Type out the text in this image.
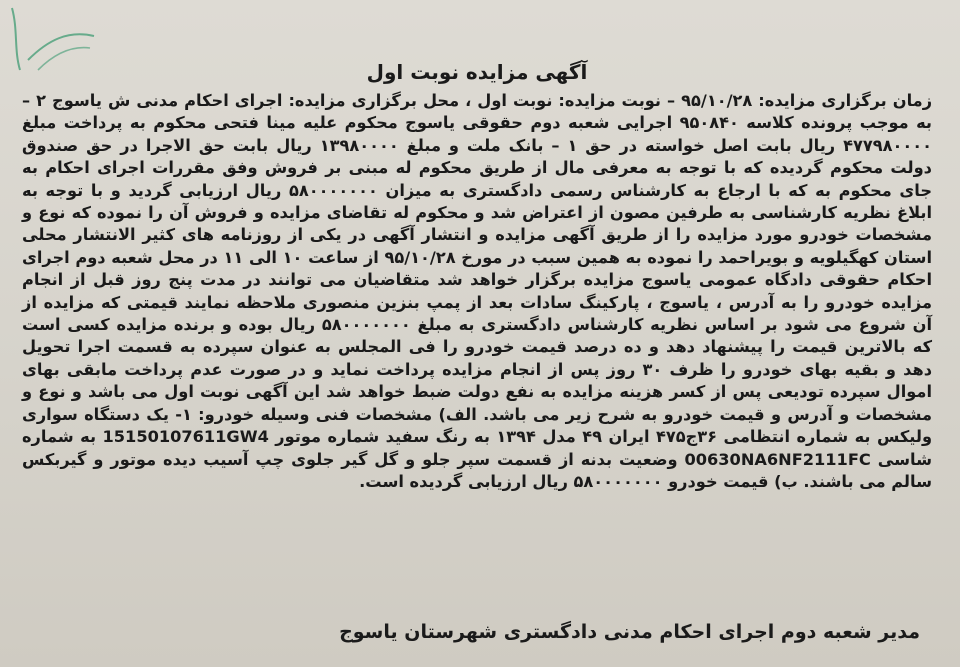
آگهی مزایده نوبت اول

زمان برگزاری مزایده: ۹۵/۱۰/۲۸ – نوبت مزایده: نوبت اول ، محل برگزاری مزایده: اجرای احکام مدنی ش یاسوج ۲ – به موجب پرونده کلاسه ۹۵۰۸۴۰ اجرایی شعبه دوم حقوقی یاسوج محکوم علیه مینا فتحی محکوم به پرداخت مبلغ ۴۷۷۹۸۰۰۰۰ ریال بابت اصل خواسته در حق ۱ – بانک ملت و مبلغ ۱۳۹۸۰۰۰۰ ریال بابت حق الاجرا در حق صندوق دولت محکوم گردیده که با توجه به معرفی مال از طریق محکوم له مبنی بر فروش وفق مقررات اجرای احکام به جای محکوم به که با ارجاع به کارشناس رسمی دادگستری به میزان ۵۸۰۰۰۰۰۰۰ ریال ارزیابی گردید و با توجه به ابلاغ نظریه کارشناسی به طرفین مصون از اعتراض شد و محکوم له تقاضای مزایده و فروش آن را نموده که نوع و مشخصات خودرو مورد مزایده را از طریق آگهی مزایده و انتشار آگهی در یکی از روزنامه های کثیر الانتشار محلی استان کهگیلویه و بویراحمد را نموده به همین سبب در مورخ ۹۵/۱۰/۲۸ از ساعت ۱۰ الی ۱۱ در محل شعبه دوم اجرای احکام حقوقی دادگاه عمومی یاسوج مزایده برگزار خواهد شد متقاضیان می توانند در مدت پنج روز قبل از انجام مزایده خودرو را به آدرس ، یاسوج ، پارکینگ سادات بعد از پمپ بنزین منصوری ملاحظه نمایند قیمتی که مزایده از آن شروع می شود بر اساس نظریه کارشناس دادگستری به مبلغ ۵۸۰۰۰۰۰۰۰ ریال بوده و برنده مزایده کسی است که بالاترین قیمت را پیشنهاد دهد و ده درصد قیمت خودرو را فی المجلس به عنوان سپرده به قسمت اجرا تحویل دهد و بقیه بهای خودرو را ظرف ۳۰ روز پس از انجام مزایده پرداخت نماید و در صورت عدم پرداخت مابقی بهای اموال سپرده تودیعی پس از کسر هزینه مزایده به نفع دولت ضبط خواهد شد این آگهی نوبت اول می باشد و نوع و مشخصات و آدرس و قیمت خودرو به شرح زیر می باشد. الف) مشخصات فنی وسیله خودرو: ۱- یک دستگاه سواری ولیکس به شماره انتظامی ۳۶ج۴۷۵ ایران ۴۹ مدل ۱۳۹۴ به رنگ سفید شماره موتور 15150107611GW4 به شماره شاسی 00630NA6NF2111FC وضعیت بدنه از قسمت سپر جلو و گل گیر جلوی چپ آسیب دیده موتور و گیربکس سالم می باشند. ب) قیمت خودرو ۵۸۰۰۰۰۰۰۰ ریال ارزیابی گردیده است.

مدیر شعبه دوم اجرای احکام مدنی دادگستری شهرستان یاسوج
